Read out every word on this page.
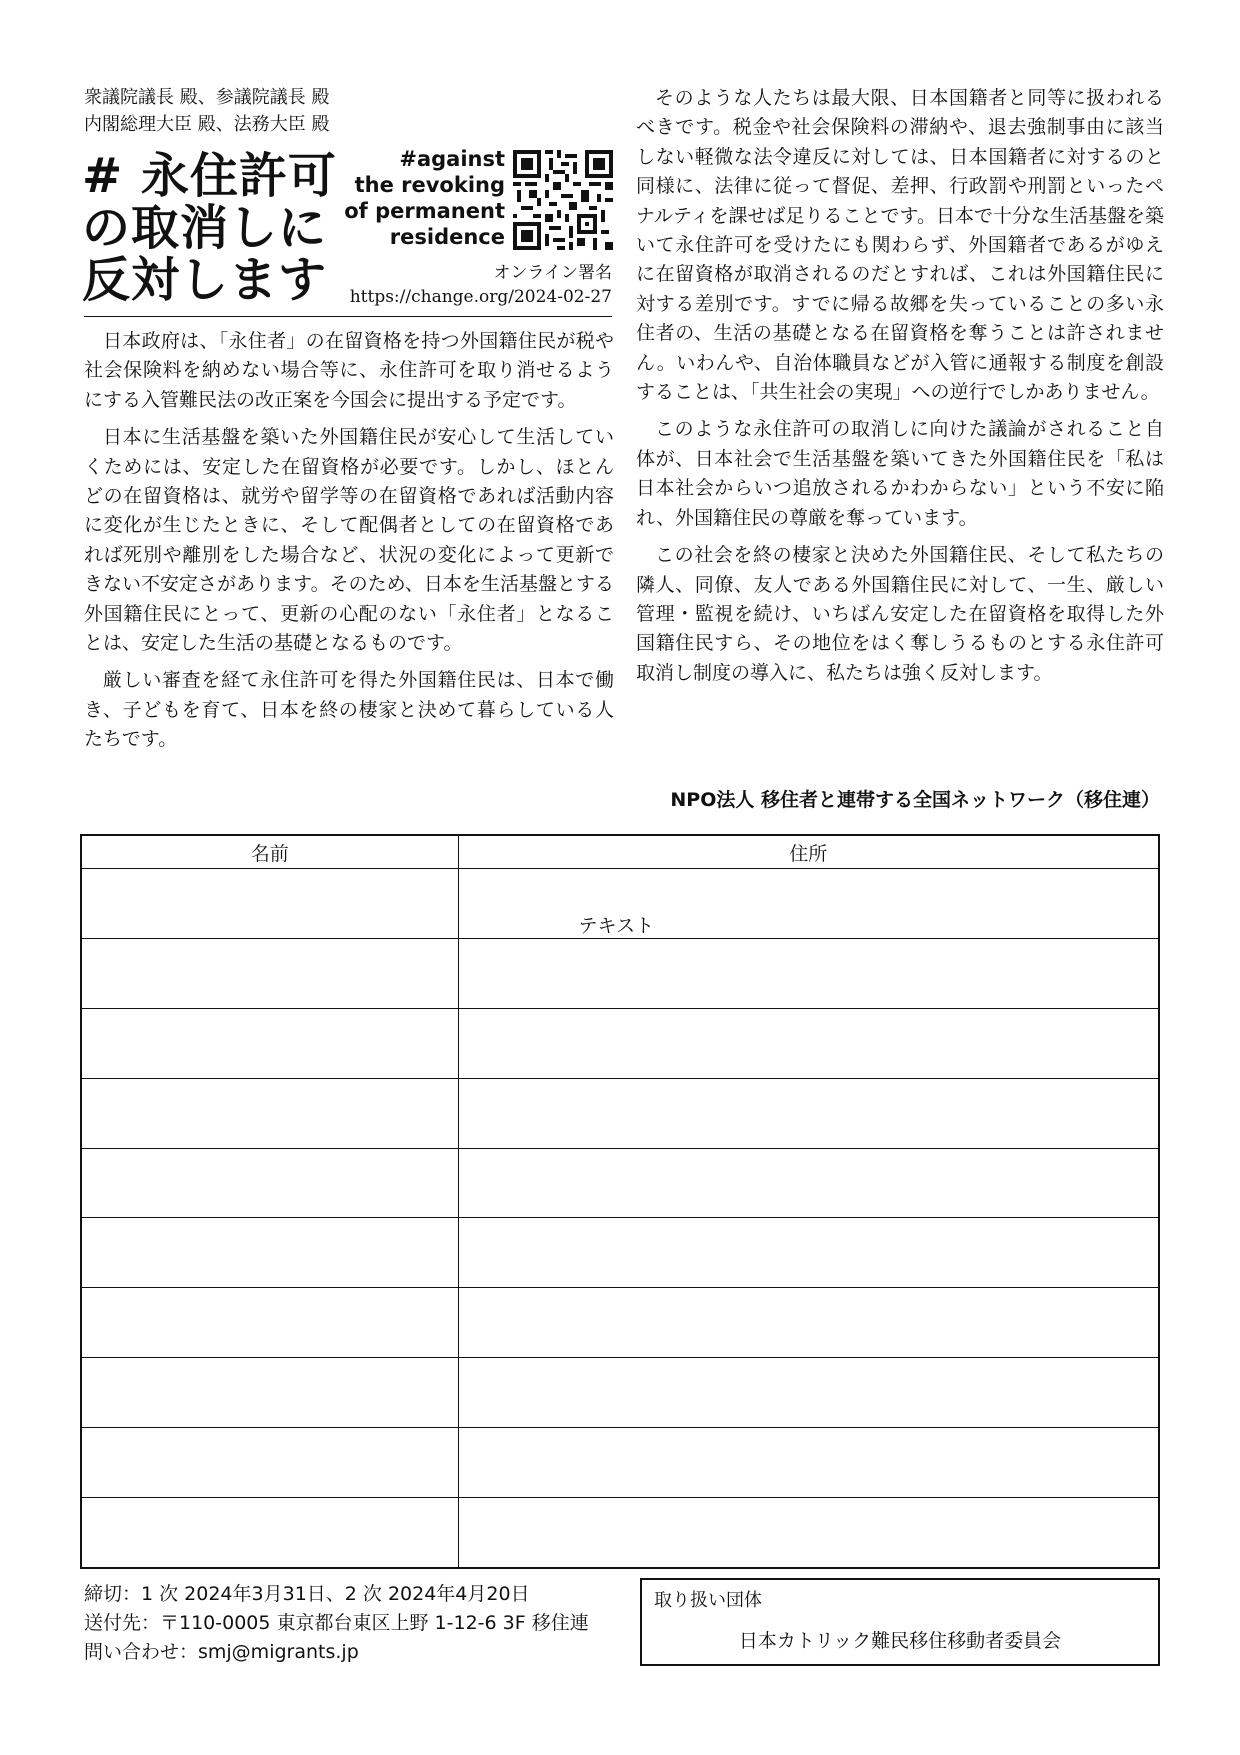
衆議院議長 殿、参議院議長 殿
内閣総理大臣 殿、法務大臣 殿
# 永住許可
の取消しに
反対します
#against
the revoking
of permanent
residence
オンライン署名
https://change.org/2024-02-27

日本政府は、「永住者」の在留資格を持つ外国籍住民が税や社会保険料を納めない場合等に、永住許可を取り消せるようにする入管難民法の改正案を今国会に提出する予定です。

日本に生活基盤を築いた外国籍住民が安心して生活していくためには、安定した在留資格が必要です。しかし、ほとんどの在留資格は、就労や留学等の在留資格であれば活動内容に変化が生じたときに、そして配偶者としての在留資格であれば死別や離別をした場合など、状況の変化によって更新できない不安定さがあります。そのため、日本を生活基盤とする外国籍住民にとって、更新の心配のない「永住者」となることは、安定した生活の基礎となるものです。

厳しい審査を経て永住許可を得た外国籍住民は、日本で働き、子どもを育て、日本を終の棲家と決めて暮らしている人たちです。

そのような人たちは最大限、日本国籍者と同等に扱われるべきです。税金や社会保険料の滞納や、退去強制事由に該当しない軽微な法令違反に対しては、日本国籍者に対するのと同様に、法律に従って督促、差押、行政罰や刑罰といったペナルティを課せば足りることです。日本で十分な生活基盤を築いて永住許可を受けたにも関わらず、外国籍者であるがゆえに在留資格が取消されるのだとすれば、これは外国籍住民に対する差別です。すでに帰る故郷を失っていることの多い永住者の、生活の基礎となる在留資格を奪うことは許されません。いわんや、自治体職員などが入管に通報する制度を創設することは、「共生社会の実現」への逆行でしかありません。

このような永住許可の取消しに向けた議論がされること自体が、日本社会で生活基盤を築いてきた外国籍住民を「私は日本社会からいつ追放されるかわからない」という不安に陥れ、外国籍住民の尊厳を奪っています。

この社会を終の棲家と決めた外国籍住民、そして私たちの隣人、同僚、友人である外国籍住民に対して、一生、厳しい管理・監視を続け、いちばん安定した在留資格を取得した外国籍住民すら、その地位をはく奪しうるものとする永住許可取消し制度の導入に、私たちは強く反対します。

NPO法人 移住者と連帯する全国ネットワーク（移住連）
名前	住所

	テキスト

締切：1 次 2024年3月31日、2 次 2024年4月20日
送付先：〒110-0005 東京都台東区上野 1-12-6 3F 移住連
問い合わせ：smj@migrants.jp
取り扱い団体
日本カトリック難民移住移動者委員会
